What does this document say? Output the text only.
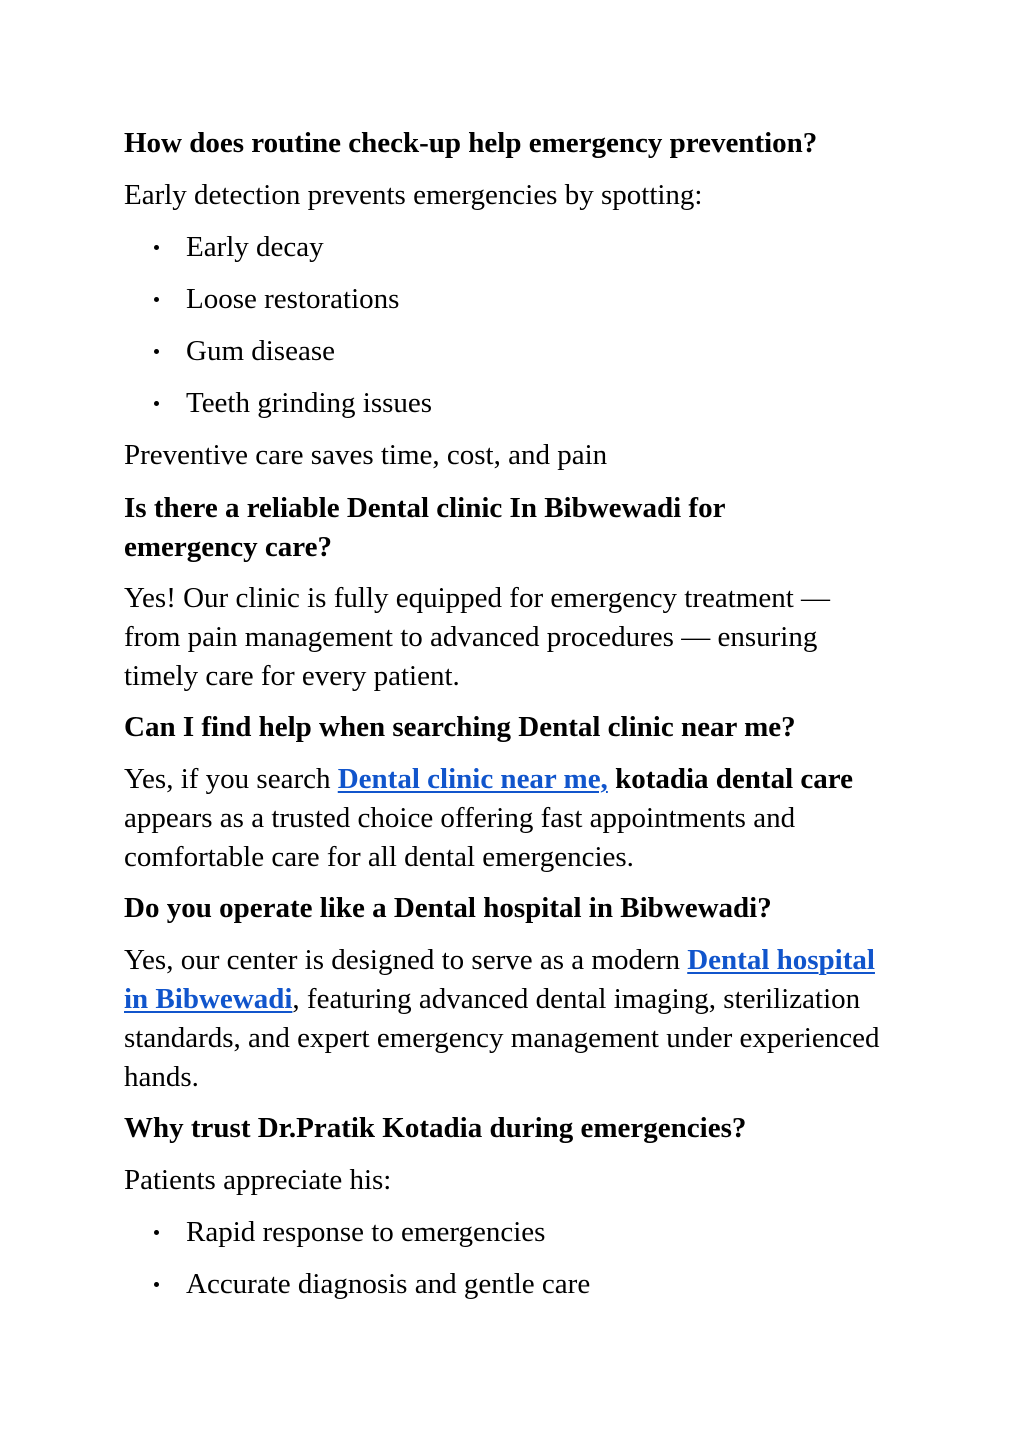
How does routine check-up help emergency prevention?

Early detection prevents emergencies by spotting:

Early decay
Loose restorations
Gum disease
Teeth grinding issues

Preventive care saves time, cost, and pain

Is there a reliable Dental clinic In Bibwewadi for emergency care?

Yes! Our clinic is fully equipped for emergency treatment — from pain management to advanced procedures — ensuring timely care for every patient.

Can I find help when searching Dental clinic near me?

Yes, if you search Dental clinic near me, kotadia dental care appears as a trusted choice offering fast appointments and comfortable care for all dental emergencies.

Do you operate like a Dental hospital in Bibwewadi?

Yes, our center is designed to serve as a modern Dental hospital in Bibwewadi, featuring advanced dental imaging, sterilization standards, and expert emergency management under experienced hands.

Why trust Dr.Pratik Kotadia during emergencies?

Patients appreciate his:

Rapid response to emergencies
Accurate diagnosis and gentle care
